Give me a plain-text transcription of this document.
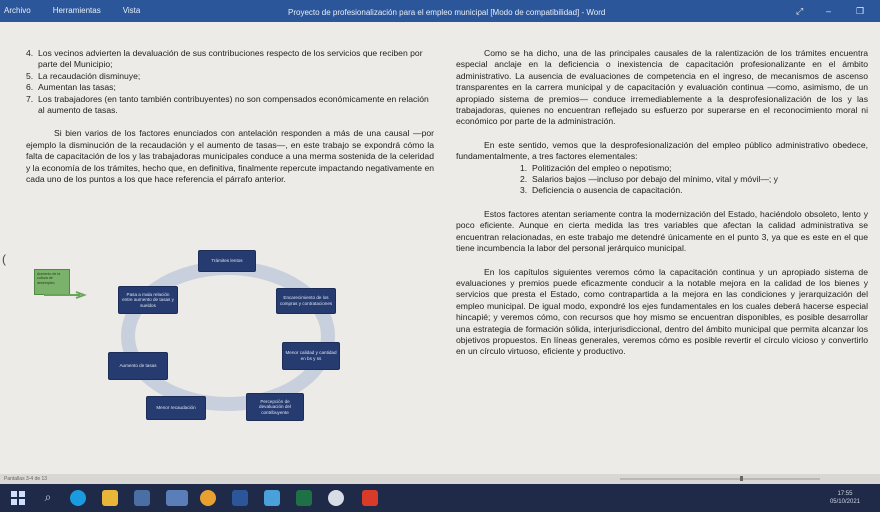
Archivo	Herramientas	Vista	Proyecto de profesionalización para el empleo municipal [Modo de compatibilidad] - Word	⤢	–	❐
4. Los vecinos advierten la devaluación de sus contribuciones respecto de los servicios que reciben por parte del Municipio;
5. La recaudación disminuye;
6. Aumentan las tasas;
7. Los trabajadores (en tanto también contribuyentes) no son compensados económicamente en relación al aumento de tasas.

Si bien varios de los factores enunciados con antelación responden a más de una causal —por ejemplo la disminución de la recaudación y el aumento de tasas—, en este trabajo se expondrá cómo la falta de capacitación de los y las trabajadoras municipales conduce a una merma sostenida de la celeridad y la economía de los trámites, hecho que, en definitiva, finalmente repercute impactando negativamente en cada uno de los puntos a los que hace referencia el párrafo anterior.

(	Trámites lentos
Encarecimiento de los compras y contrataciones
Menor calidad y cantidad en bs y ss
Percepción de devaluación del contribuyente
Menor recaudación
Aumento de tasas
Pasa a mala relación entre aumento de tasas y sueldos
Aumento de la cultura de desempleo

Como se ha dicho, una de las principales causales de la ralentización de los trámites encuentra especial anclaje en la deficiencia o inexistencia de capacitación profesionalizante en el ámbito administrativo. La ausencia de evaluaciones de competencia en el ingreso, de mecanismos de ascenso transparentes en la carrera municipal y de capacitación y evaluación continua —como, asimismo, de un apropiado sistema de premios— conduce irremediablemente a la desprofesionalización de los y las trabajadoras, quienes no encuentran reflejado su esfuerzo por superarse en el reconocimiento moral ni económico por parte de la administración.

En este sentido, vemos que la desprofesionalización del empleo público administrativo obedece, fundamentalmente, a tres factores elementales:

1. Politización del empleo o nepotismo;
2. Salarios bajos —incluso por debajo del mínimo, vital y móvil—; y
3. Deficiencia o ausencia de capacitación.

Estos factores atentan seriamente contra la modernización del Estado, haciéndolo obsoleto, lento y poco eficiente. Aunque en cierta medida las tres variables que afectan la calidad administrativa se encuentran relacionadas, en este trabajo me detendré únicamente en el punto 3, ya que es este en el que tiene incumbencia la labor del personal jerárquico municipal.

En los capítulos siguientes veremos cómo la capacitación continua y un apropiado sistema de evaluaciones y premios puede eficazmente conducir a la notable mejora en la calidad de los bienes y servicios que presta el Estado, como contrapartida a la mejora en las condiciones y jerarquización del empleo municipal. De igual modo, expondré los ejes fundamentales en los cuales deberá hacerse especial hincapié; y veremos cómo, con recursos que hoy mismo se encuentran disponibles, es posible desarrollar una estrategia de formación sólida, interjurisdiccional, dentro del ámbito municipal que permita alcanzar los objetivos propuestos. En líneas generales, veremos cómo es posible revertir el círculo vicioso y convertirlo en un círculo virtuoso, eficiente y productivo.

Pantallas 3-4 de 13
⌕	17:55
05/10/2021
